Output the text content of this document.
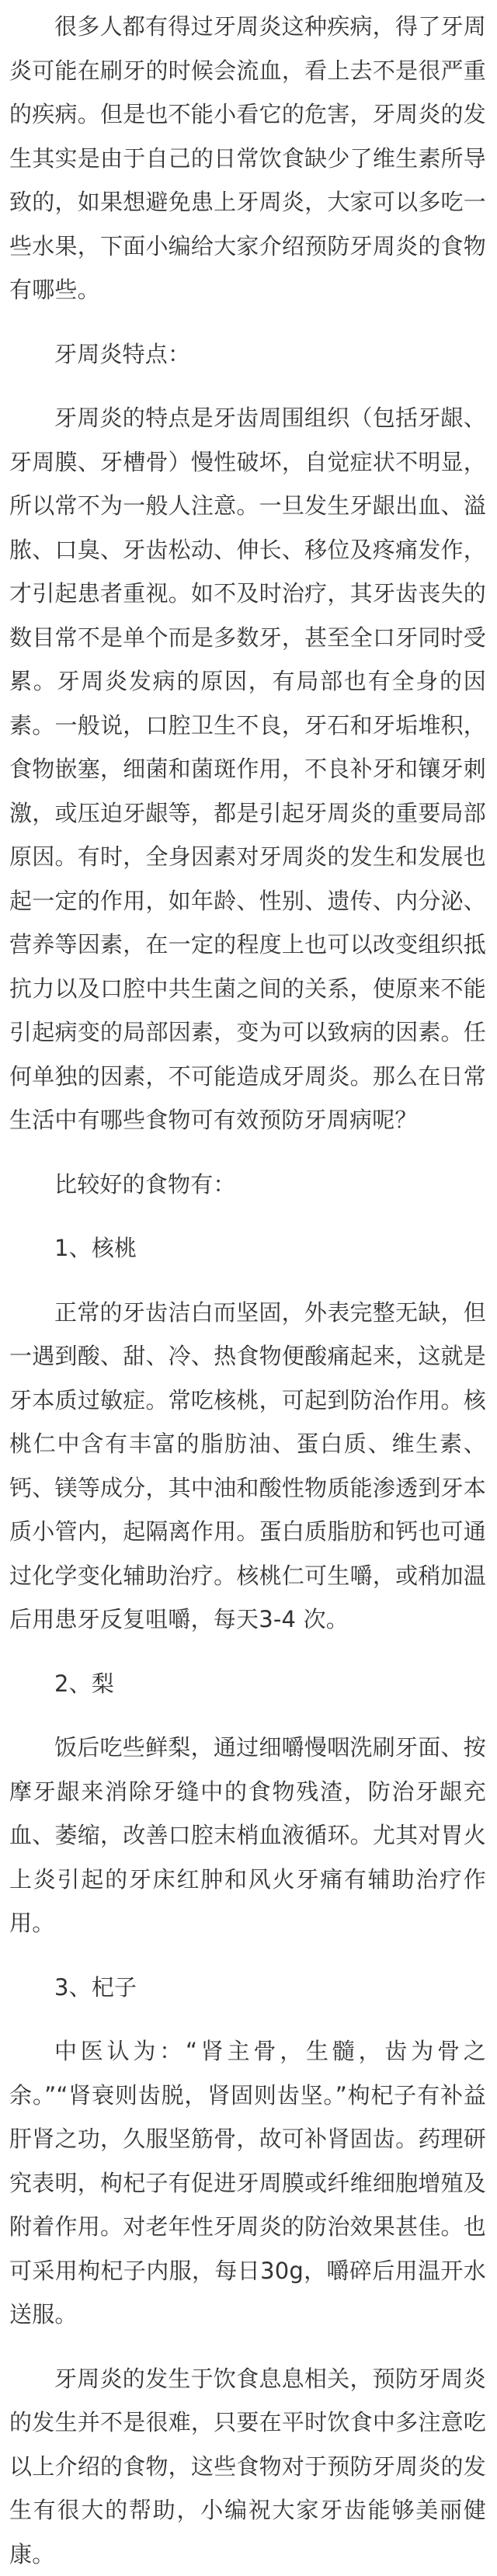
很多人都有得过牙周炎这种疾病，得了牙周炎可能在刷牙的时候会流血，看上去不是很严重的疾病。但是也不能小看它的危害，牙周炎的发生其实是由于自己的日常饮食缺少了维生素所导致的，如果想避免患上牙周炎，大家可以多吃一些水果，下面小编给大家介绍预防牙周炎的食物有哪些。

牙周炎特点：

牙周炎的特点是牙齿周围组织（包括牙龈、牙周膜、牙槽骨）慢性破坏，自觉症状不明显，所以常不为一般人注意。一旦发生牙龈出血、溢脓、口臭、牙齿松动、伸长、移位及疼痛发作，才引起患者重视。如不及时治疗，其牙齿丧失的数目常不是单个而是多数牙，甚至全口牙同时受累。牙周炎发病的原因，有局部也有全身的因素。一般说，口腔卫生不良，牙石和牙垢堆积，食物嵌塞，细菌和菌斑作用，不良补牙和镶牙刺激，或压迫牙龈等，都是引起牙周炎的重要局部原因。有时，全身因素对牙周炎的发生和发展也起一定的作用，如年龄、性别、遗传、内分泌、营养等因素，在一定的程度上也可以改变组织抵抗力以及口腔中共生菌之间的关系，使原来不能引起病变的局部因素，变为可以致病的因素。任何单独的因素，不可能造成牙周炎。那么在日常生活中有哪些食物可有效预防牙周病呢？

比较好的食物有：

1、核桃

正常的牙齿洁白而坚固，外表完整无缺，但一遇到酸、甜、冷、热食物便酸痛起来，这就是牙本质过敏症。常吃核桃，可起到防治作用。核桃仁中含有丰富的脂肪油、蛋白质、维生素、钙、镁等成分，其中油和酸性物质能渗透到牙本质小管内，起隔离作用。蛋白质脂肪和钙也可通过化学变化辅助治疗。核桃仁可生嚼，或稍加温后用患牙反复咀嚼，每天3-4 次。

2、梨

饭后吃些鲜梨，通过细嚼慢咽洗刷牙面、按摩牙龈来消除牙缝中的食物残渣，防治牙龈充血、萎缩，改善口腔末梢血液循环。尤其对胃火上炎引起的牙床红肿和风火牙痛有辅助治疗作用。

3、杞子

中医认为：“肾主骨，生髓，齿为骨之余。”“肾衰则齿脱，肾固则齿坚。”枸杞子有补益肝肾之功，久服坚筋骨，故可补肾固齿。药理研究表明，枸杞子有促进牙周膜或纤维细胞增殖及附着作用。对老年性牙周炎的防治效果甚佳。也可采用枸杞子内服，每日30g，嚼碎后用温开水送服。

牙周炎的发生于饮食息息相关，预防牙周炎的发生并不是很难，只要在平时饮食中多注意吃以上介绍的食物，这些食物对于预防牙周炎的发生有很大的帮助，小编祝大家牙齿能够美丽健康。
